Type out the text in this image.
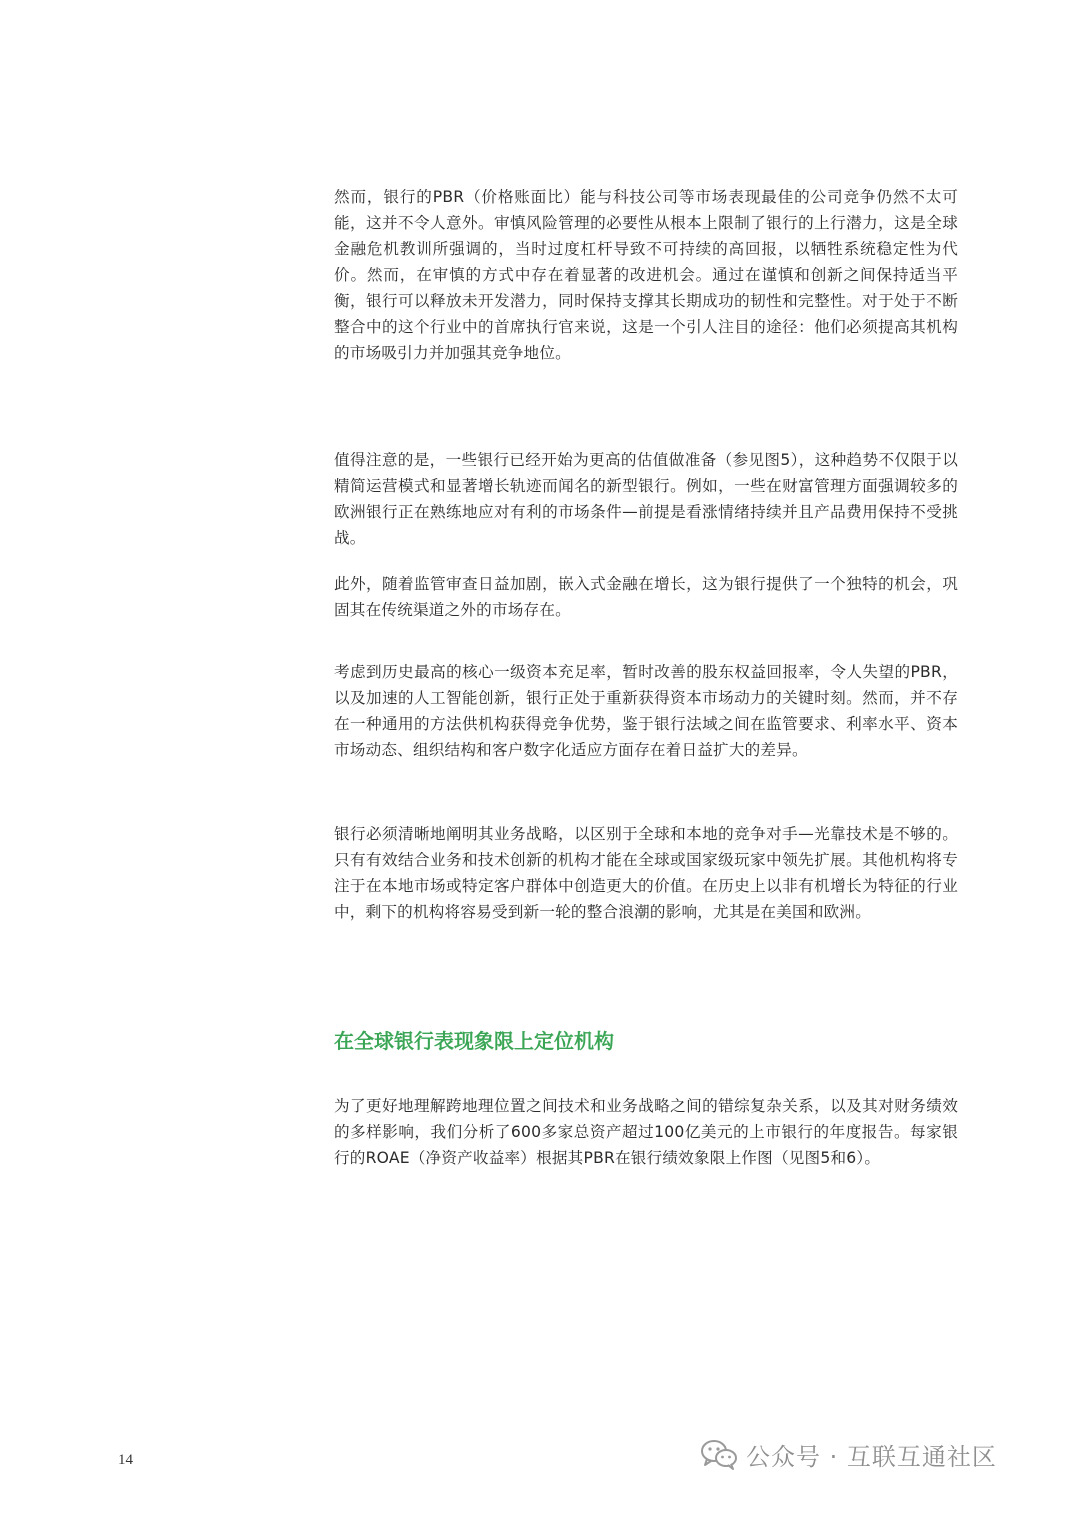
然而，银行的PBR（价格账面比）能与科技公司等市场表现最佳的公司竞争仍然不太可能，这并不令人意外。审慎风险管理的必要性从根本上限制了银行的上行潜力，这是全球金融危机教训所强调的，当时过度杠杆导致不可持续的高回报，以牺牲系统稳定性为代价。然而，在审慎的方式中存在着显著的改进机会。通过在谨慎和创新之间保持适当平衡，银行可以释放未开发潜力，同时保持支撑其长期成功的韧性和完整性。对于处于不断整合中的这个行业中的首席执行官来说，这是一个引人注目的途径：他们必须提高其机构的市场吸引力并加强其竞争地位。

值得注意的是，一些银行已经开始为更高的估值做准备（参见图5），这种趋势不仅限于以精简运营模式和显著增长轨迹而闻名的新型银行。例如，一些在财富管理方面强调较多的欧洲银行正在熟练地应对有利的市场条件—前提是看涨情绪持续并且产品费用保持不受挑战。

此外，随着监管审查日益加剧，嵌入式金融在增长，这为银行提供了一个独特的机会，巩固其在传统渠道之外的市场存在。

考虑到历史最高的核心一级资本充足率，暂时改善的股东权益回报率，令人失望的PBR，以及加速的人工智能创新，银行正处于重新获得资本市场动力的关键时刻。然而，并不存在一种通用的方法供机构获得竞争优势，鉴于银行法域之间在监管要求、利率水平、资本市场动态、组织结构和客户数字化适应方面存在着日益扩大的差异。

银行必须清晰地阐明其业务战略，以区别于全球和本地的竞争对手—光靠技术是不够的。只有有效结合业务和技术创新的机构才能在全球或国家级玩家中领先扩展。其他机构将专注于在本地市场或特定客户群体中创造更大的价值。在历史上以非有机增长为特征的行业中，剩下的机构将容易受到新一轮的整合浪潮的影响，尤其是在美国和欧洲。

在全球银行表现象限上定位机构

为了更好地理解跨地理位置之间技术和业务战略之间的错综复杂关系，以及其对财务绩效的多样影响，我们分析了600多家总资产超过100亿美元的上市银行的年度报告。每家银行的ROAE（净资产收益率）根据其PBR在银行绩效象限上作图（见图5和6）。

14	公众号 · 互联互通社区
